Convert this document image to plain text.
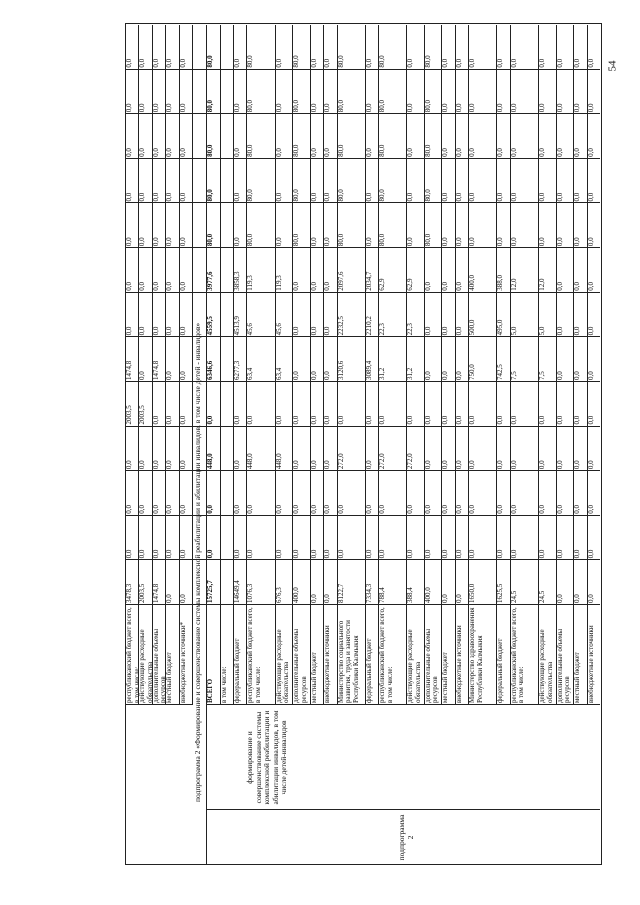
республиканский бюджет всего, в том числе:
3478,3
0,0
0,0
0,0
2003,5
1474,8
0,0
0,0
0,0
0,0
0,0
0,0
0,0
действующие расходные обязательства
2003,5
0,0
0,0
0,0
2003,5
0,0
0,0
0,0
0,0
0,0
0,0
0,0
0,0
дополнительные объемы ресурсов
1474,8
0,0
0,0
0,0
0,0
1474,8
0,0
0,0
0,0
0,0
0,0
0,0
0,0
местный бюджет
0,0
0,0
0,0
0,0
0,0
0,0
0,0
0,0
0,0
0,0
0,0
0,0
0,0
внебюджетные источники*
0,0
0,0
0,0
0,0
0,0
0,0
0,0
0,0
0,0
0,0
0,0
0,0
0,0
подпрограмма 2 «Формирование и совершенствование системы комплексной реабилитации и абилитации инвалидов, в том числе детей - инвалидов» ВСЕГО
15725,7
0,0
0,0
448,0
0,0
6346,6
4559,5
3977,6
80,0
80,0
80,0
80,0
80,0
в том числе: федеральный бюджет
14649,4
0,0
0,0
0,0
0,0
6277,3
4513,9
3858,3
0,0
0,0
0,0
0,0
0,0
республиканский бюджет всего, в том числе:
1076,3
0,0
0,0
448,0
0,0
63,4
45,6
119,3
80,0
80,0
80,0
80,0
80,0
действующие расходные обязательства
676,3
0,0
0,0
448,0
0,0
63,4
45,6
119,3
0,0
0,0
0,0
0,0
0,0
дополнительные объемы ресурсов
400,0
0,0
0,0
0,0
0,0
0,0
0,0
0,0
80,0
80,0
80,0
80,0
80,0
местный бюджет
0,0
0,0
0,0
0,0
0,0
0,0
0,0
0,0
0,0
0,0
0,0
0,0
0,0
внебюджетные источники
0,0
0,0
0,0
0,0
0,0
0,0
0,0
0,0
0,0
0,0
0,0
0,0
0,0
Министерство социального развития, труда и занятости Республики Калмыкия
8122,7
0,0
0,0
272,0
0,0
3120,6
2232,5
2097,6
80,0
80,0
80,0
80,0
80,0
федеральный бюджет
7334,3
0,0
0,0
0,0
0,0
3089,4
2210,2
2034,7
0,0
0,0
0,0
0,0
0,0
республиканский бюджет всего, в том числе:
788,4
0,0
0,0
272,0
0,0
31,2
22,3
62,9
80,0
80,0
80,0
80,0
80,0
действующие расходные обязательства
388,4
0,0
0,0
272,0
0,0
31,2
22,3
62,9
0,0
0,0
0,0
0,0
0,0
дополнительные объемы ресурсов
400,0
0,0
0,0
0,0
0,0
0,0
0,0
0,0
80,0
80,0
80,0
80,0
80,0
местный бюджет
0,0
0,0
0,0
0,0
0,0
0,0
0,0
0,0
0,0
0,0
0,0
0,0
0,0
внебюджетные источники
0,0
0,0
0,0
0,0
0,0
0,0
0,0
0,0
0,0
0,0
0,0
0,0
0,0
Министерство здравоохранения Республики Калмыкия
1650,0
0,0
0,0
0,0
0,0
750,0
500,0
400,0
0,0
0,0
0,0
0,0
0,0
федеральный бюджет
1625,5
0,0
0,0
0,0
0,0
742,5
495,0
388,0
0,0
0,0
0,0
0,0
0,0
республиканский бюджет всего, в том числе:
24,5
0,0
0,0
0,0
0,0
7,5
5,0
12,0
0,0
0,0
0,0
0,0
0,0
действующие расходные обязательства
24,5
0,0
0,0
0,0
0,0
7,5
5,0
12,0
0,0
0,0
0,0
0,0
0,0
дополнительные объемы ресурсов
0,0
0,0
0,0
0,0
0,0
0,0
0,0
0,0
0,0
0,0
0,0
0,0
0,0
местный бюджет
0,0
0,0
0,0
0,0
0,0
0,0
0,0
0,0
0,0
0,0
0,0
0,0
0,0
внебюджетные источники
0,0
0,0
0,0
0,0
0,0
0,0
0,0
0,0
0,0
0,0
0,0
0,0
0,0
подпрограмма 2
формирование и совершенствование системы комплексной реабилитации и абилитации инвалидов, в том числе детей-инвалидов
54
